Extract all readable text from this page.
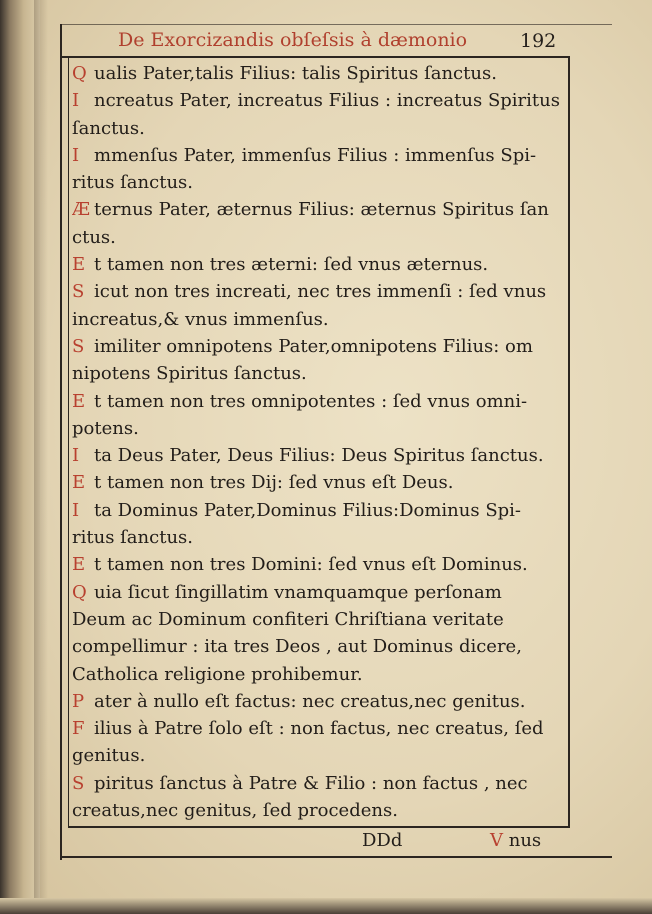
De Exorcizandis obſeſsis à dæmonio	192
Q ualis Pater,talis Filius: talis Spiritus ſanctus.
I ncreatus Pater, increatus Filius : increatus Spiritus
ſanctus.
I mmenſus Pater, immenſus Filius : immenſus Spi-
ritus ſanctus.
Æ ternus Pater, æternus Filius: æternus Spiritus ſan
ctus.
E t tamen non tres æterni: ſed vnus æternus.
S icut non tres increati, nec tres immenſi : ſed vnus
increatus,& vnus immenſus.
S imiliter omnipotens Pater,omnipotens Filius: om
nipotens Spiritus ſanctus.
E t tamen non tres omnipotentes : ſed vnus omni-
potens.
I ta Deus Pater, Deus Filius: Deus Spiritus ſanctus.
E t tamen non tres Dij: ſed vnus eſt Deus.
I ta Dominus Pater,Dominus Filius:Dominus Spi-
ritus ſanctus.
E t tamen non tres Domini: ſed vnus eſt Dominus.
Q uia ſicut ſingillatim vnamquamque perſonam
Deum ac Dominum confiteri Chriſtiana veritate
compellimur : ita tres Deos , aut Dominus dicere,
Catholica religione prohibemur.
P ater à nullo eſt factus: nec creatus,nec genitus.
F ilius à Patre ſolo eſt : non factus, nec creatus, ſed
genitus.
S piritus ſanctus à Patre & Filio : non factus , nec
creatus,nec genitus, ſed procedens.
DDd	V nus
